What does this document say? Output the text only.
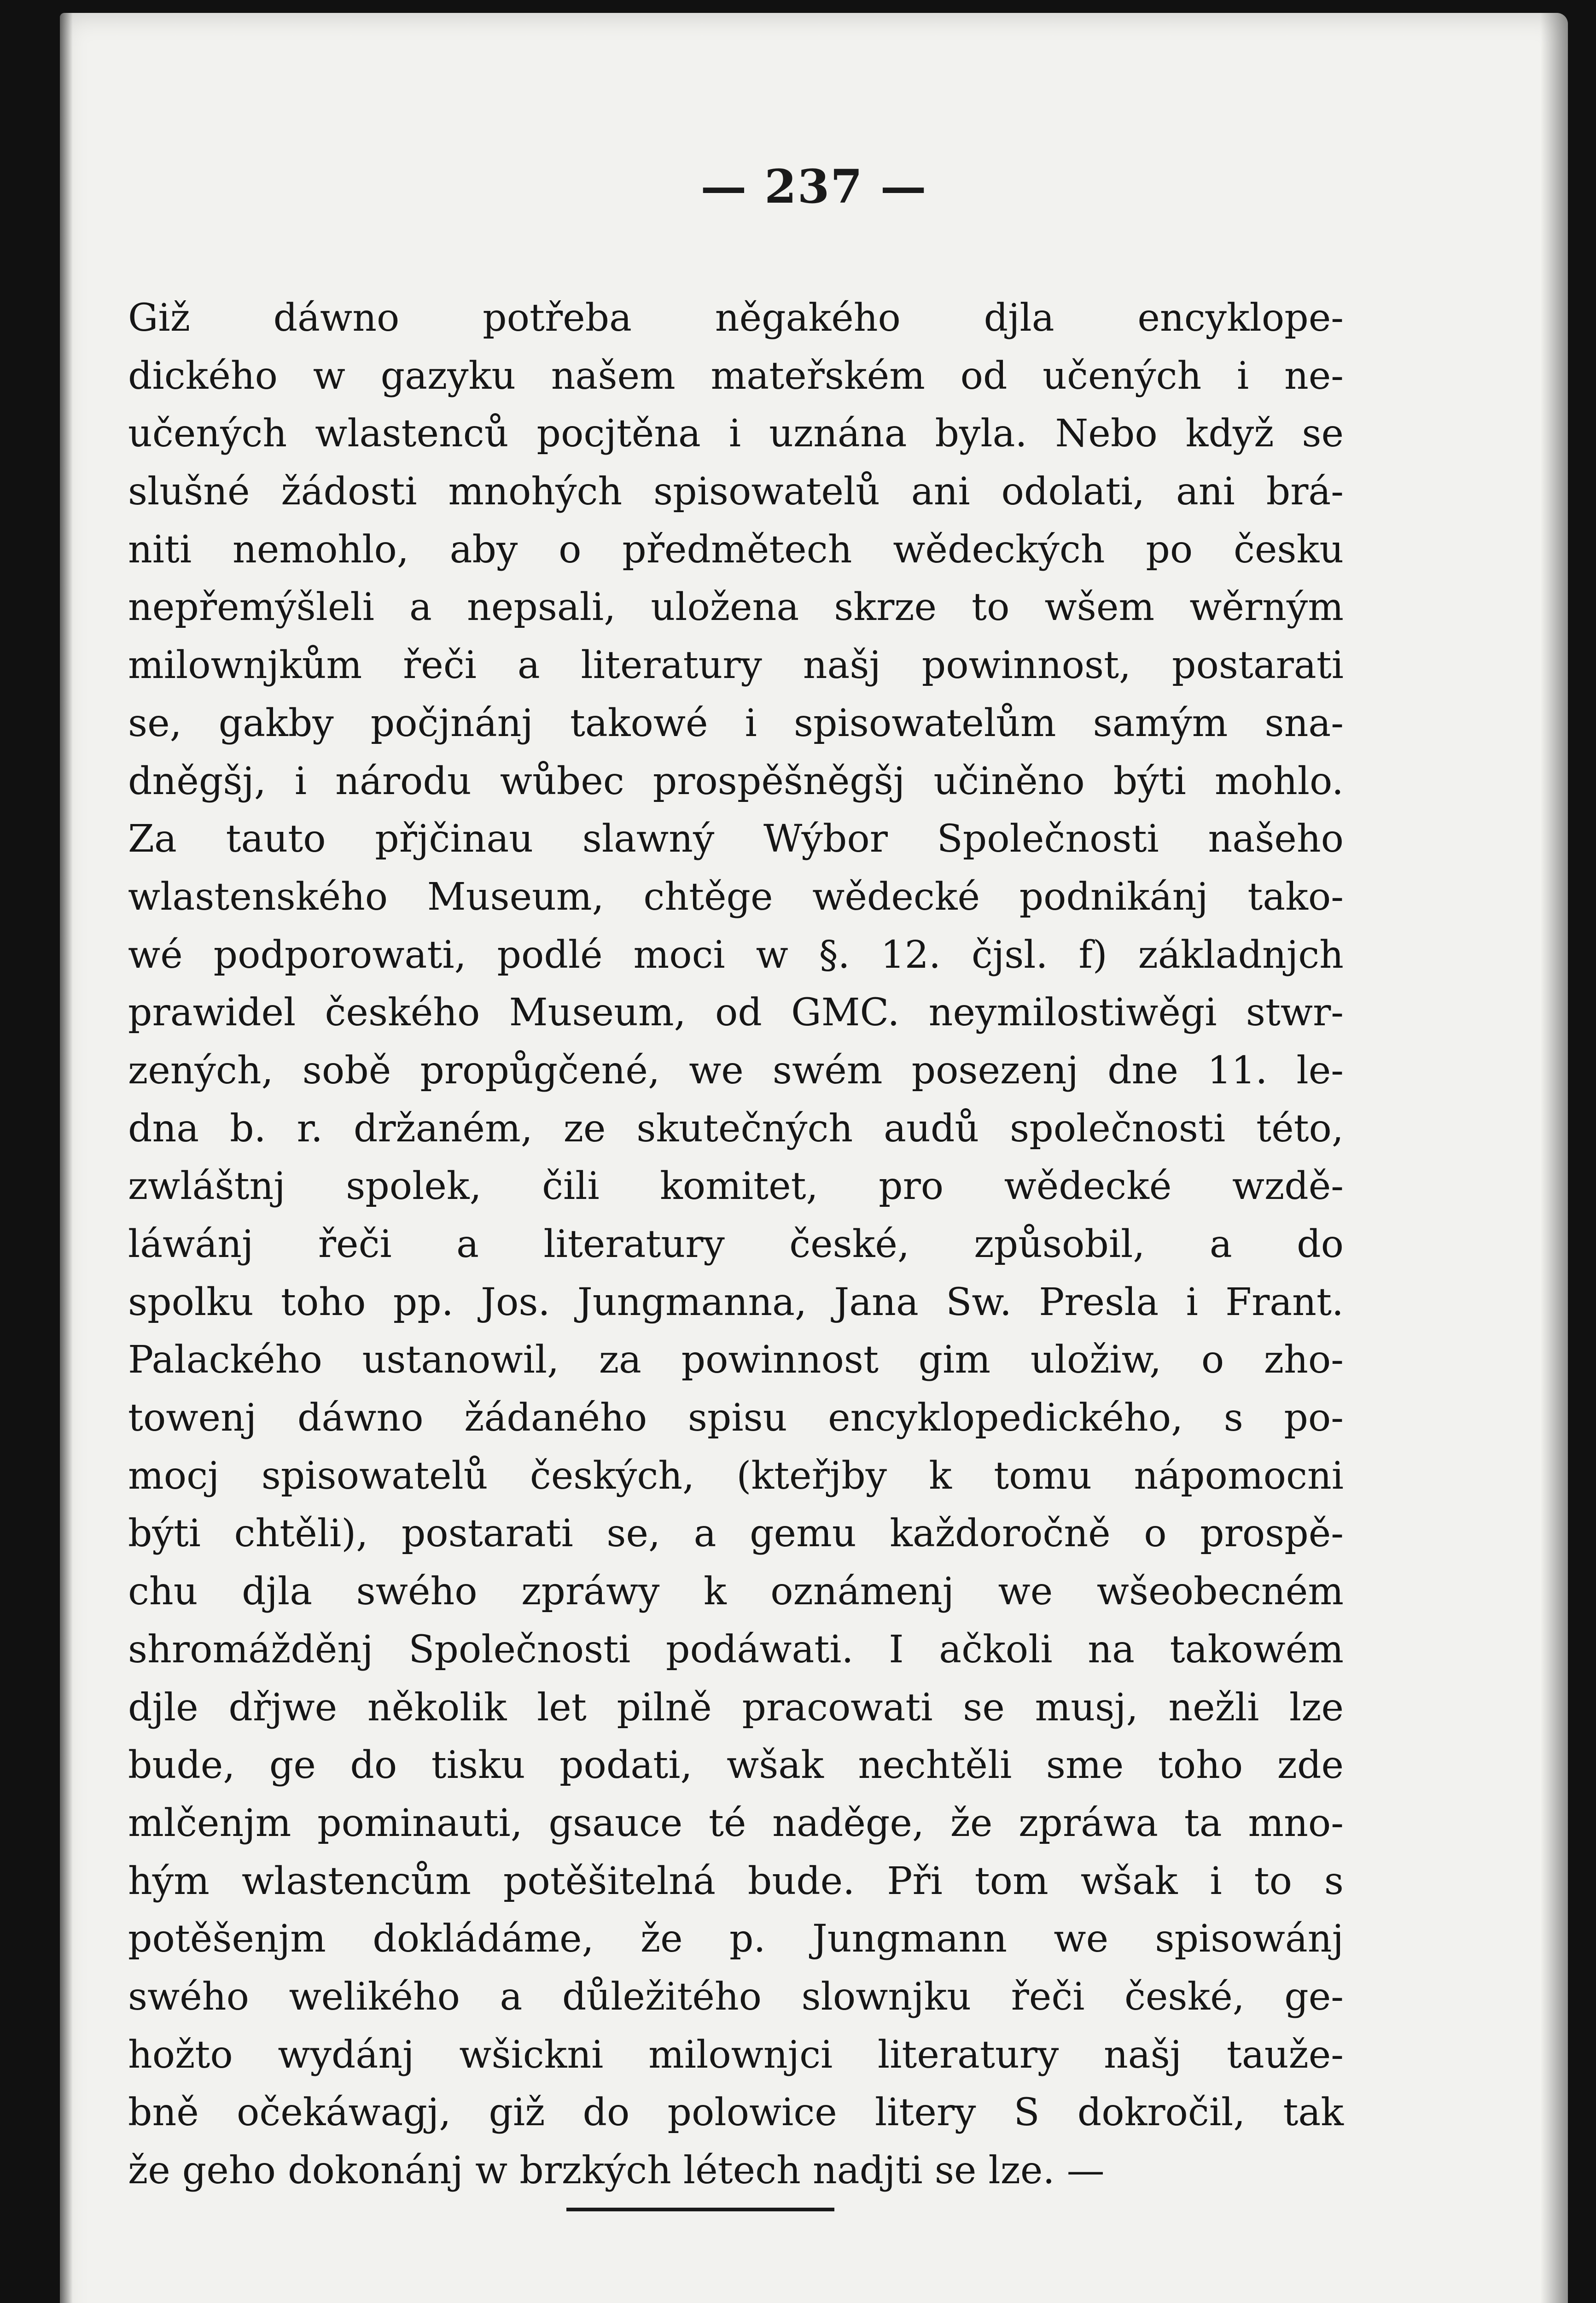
— 237 —
Giž dáwno potřeba něgakého djla encyklope-
dického w gazyku našem mateřském od učených i ne-
učených wlastenců pocjtěna i uznána byla. Nebo když se
slušné žádosti mnohých spisowatelů ani odolati, ani brá-
niti nemohlo, aby o předmětech wědeckých po česku
nepřemýšleli a nepsali, uložena skrze to wšem wěrným
milownjkům řeči a literatury našj powinnost, postarati
se, gakby počjnánj takowé i spisowatelům samým sna-
dněgšj, i národu wůbec prospěšněgšj učiněno býti mohlo.
Za tauto přjčinau slawný Wýbor Společnosti našeho
wlastenského Museum, chtěge wědecké podnikánj tako-
wé podporowati, podlé moci w §. 12. čjsl. f) základnjch
prawidel českého Museum, od GMC. neymilostiwěgi stwr-
zených, sobě propůgčené, we swém posezenj dne 11. le-
dna b. r. držaném, ze skutečných audů společnosti této,
zwláštnj spolek, čili komitet, pro wědecké wzdě-
láwánj řeči a literatury české, způsobil, a do
spolku toho pp. Jos. Jungmanna, Jana Sw. Presla i Frant.
Palackého ustanowil, za powinnost gim uložiw, o zho-
towenj dáwno žádaného spisu encyklopedického, s po-
mocj spisowatelů českých, (kteřjby k tomu nápomocni
býti chtěli), postarati se, a gemu každoročně o prospě-
chu djla swého zpráwy k oznámenj we wšeobecném
shromážděnj Společnosti podáwati. I ačkoli na takowém
djle dřjwe několik let pilně pracowati se musj, nežli lze
bude, ge do tisku podati, wšak nechtěli sme toho zde
mlčenjm pominauti, gsauce té naděge, že zpráwa ta mno-
hým wlastencům potěšitelná bude. Při tom wšak i to s
potěšenjm dokládáme, že p. Jungmann we spisowánj
swého welikého a důležitého slownjku řeči české, ge-
hožto wydánj wšickni milownjci literatury našj tauže-
bně očekáwagj, giž do polowice litery S dokročil, tak
že geho dokonánj w brzkých létech nadjti se lze. —
